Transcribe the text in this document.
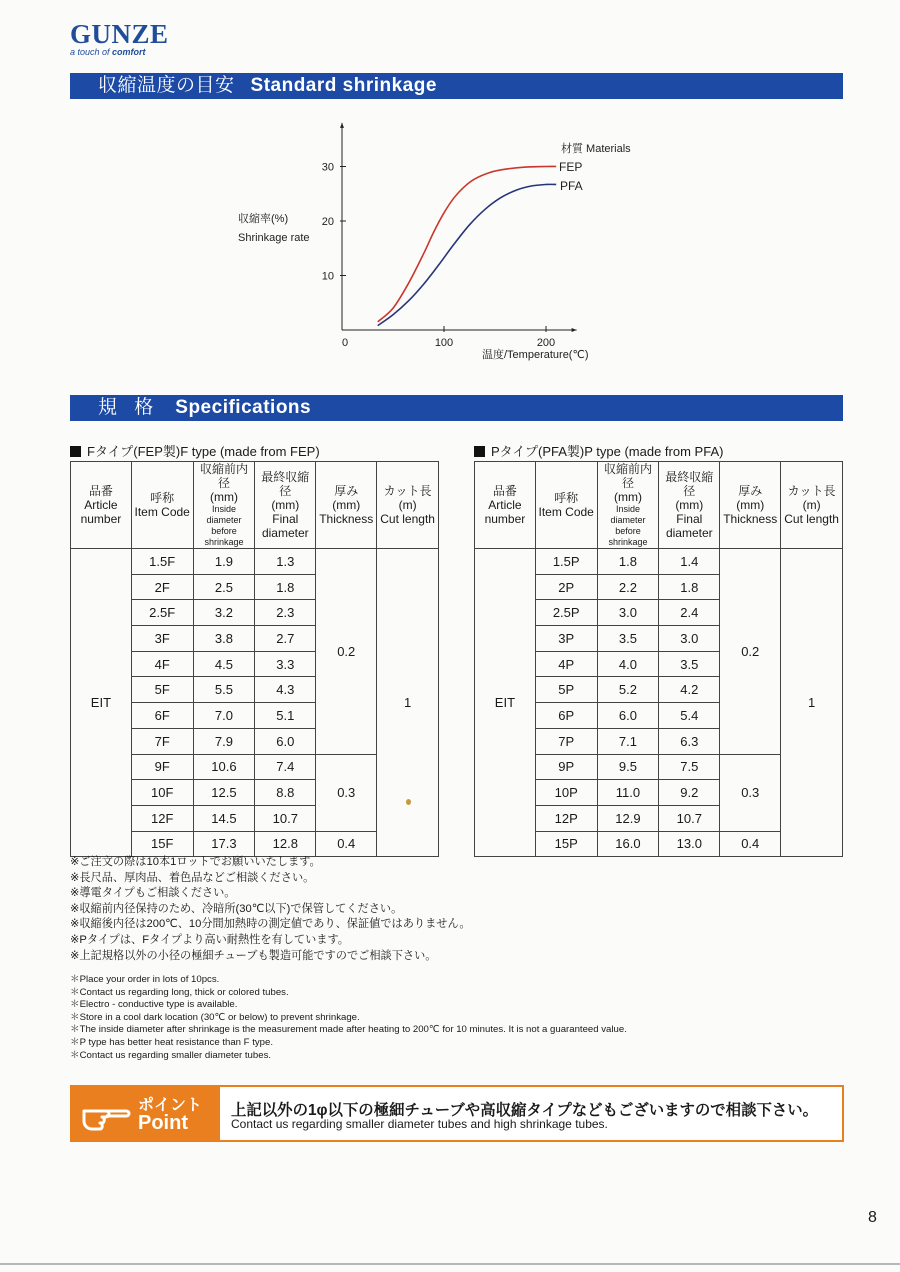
GUNZE
a touch of comfort
収縮温度の目安 Standard shrinkage
10
20
30
0	100	200
収縮率(%)
Shrinkage rate
温度/Temperature(℃)
材質 Materials
FEP
PFA
規 格 Specifications
Fタイプ(FEP製)F type (made from FEP)	Pタイプ(PFA製)P type (made from PFA)
品番
Article
number	呼称
Item Code	収縮前内径
(mm)
Inside diameter
before shrinkage	最終収縮径
(mm)
Final
diameter	厚み
(mm)
Thickness	カット長
(m)
Cut length
EIT	1.5F	1.9	1.3	0.2	1
	2F	2.5	1.8		
	2.5F	3.2	2.3		
	3F	3.8	2.7		
	4F	4.5	3.3		
	5F	5.5	4.3		
	6F	7.0	5.1		
	7F	7.9	6.0		
	9F	10.6	7.4	0.3	
	10F	12.5	8.8		
	12F	14.5	10.7		
	15F	17.3	12.8	0.4	
品番
Article
number	呼称
Item Code	収縮前内径
(mm)
Inside diameter
before shrinkage	最終収縮径
(mm)
Final
diameter	厚み
(mm)
Thickness	カット長
(m)
Cut length
EIT	1.5P	1.8	1.4	0.2	1
	2P	2.2	1.8		
	2.5P	3.0	2.4		
	3P	3.5	3.0		
	4P	4.0	3.5		
	5P	5.2	4.2		
	6P	6.0	5.4		
	7P	7.1	6.3		
	9P	9.5	7.5	0.3	
	10P	11.0	9.2		
	12P	12.9	10.7		
	15P	16.0	13.0	0.4	
※ご注文の際は10本1ロットでお願いいたします。
※長尺品、厚肉品、着色品などご相談ください。
※導電タイプもご相談ください。
※収縮前内径保持のため、冷暗所(30℃以下)で保管してください。
※収縮後内径は200℃、10分間加熱時の測定値であり、保証値ではありません。
※Pタイプは、Fタイプより高い耐熱性を有しています。
※上記規格以外の小径の極細チューブも製造可能ですのでご相談下さい。
＊Place your order in lots of 10pcs.
＊Contact us regarding long, thick or colored tubes.
＊Electro - conductive type is available.
＊Store in a cool dark location (30℃ or below) to prevent shrinkage.
＊The inside diameter after shrinkage is the measurement made after heating to 200℃ for 10 minutes. It is not a guaranteed value.
＊P type has better heat resistance than F type.
＊Contact us regarding smaller diameter tubes.
ポイント
Point
上記以外の1φ以下の極細チューブや高収縮タイプなどもございますので相談下さい。
Contact us regarding smaller diameter tubes and high shrinkage tubes.
8
